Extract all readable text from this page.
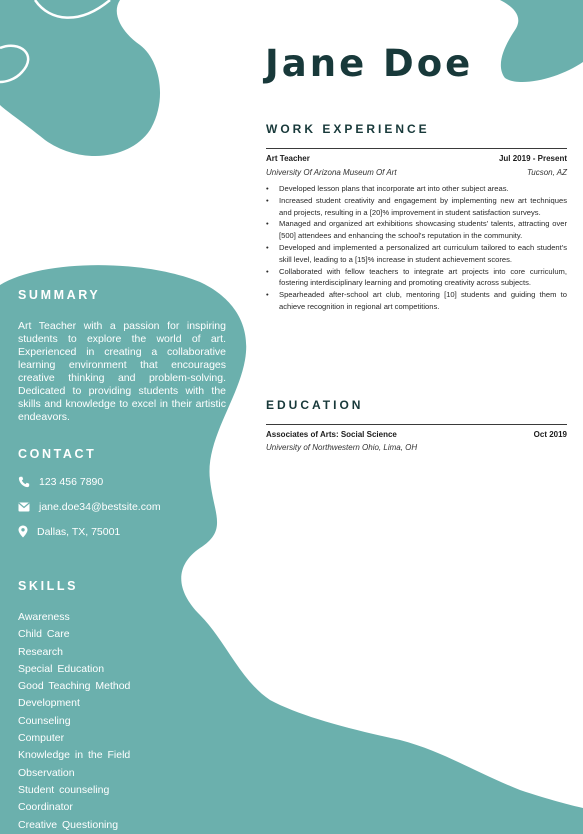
Jane Doe
SUMMARY

Art Teacher with a passion for inspiring students to explore the world of art. Experienced in creating a collaborative learning environment that encourages creative thinking and problem-solving. Dedicated to providing students with the skills and knowledge to excel in their artistic endeavors.

CONTACT
123 456 7890
jane.doe34@bestsite.com
Dallas, TX, 75001
SKILLS
Awareness
Child Care
Research
Special Education
Good Teaching Method
Development
Counseling
Computer
Knowledge in the Field
Observation
Student counseling
Coordinator
Creative Questioning
WORK EXPERIENCE
Art Teacher	Jul 2019 - Present
University Of Arizona Museum Of Art	Tucson, AZ
• Developed lesson plans that incorporate art into other subject areas.
• Increased student creativity and engagement by implementing new art techniques and projects, resulting in a [20]% improvement in student satisfaction surveys.
• Managed and organized art exhibitions showcasing students' talents, attracting over [500] attendees and enhancing the school's reputation in the community.
• Developed and implemented a personalized art curriculum tailored to each student's skill level, leading to a [15]% increase in student achievement scores.
• Collaborated with fellow teachers to integrate art projects into core curriculum, fostering interdisciplinary learning and promoting creativity across subjects.
• Spearheaded after-school art club, mentoring [10] students and guiding them to achieve recognition in regional art competitions.
EDUCATION
Associates of Arts: Social Science	Oct 2019
University of Northwestern Ohio, Lima, OH
